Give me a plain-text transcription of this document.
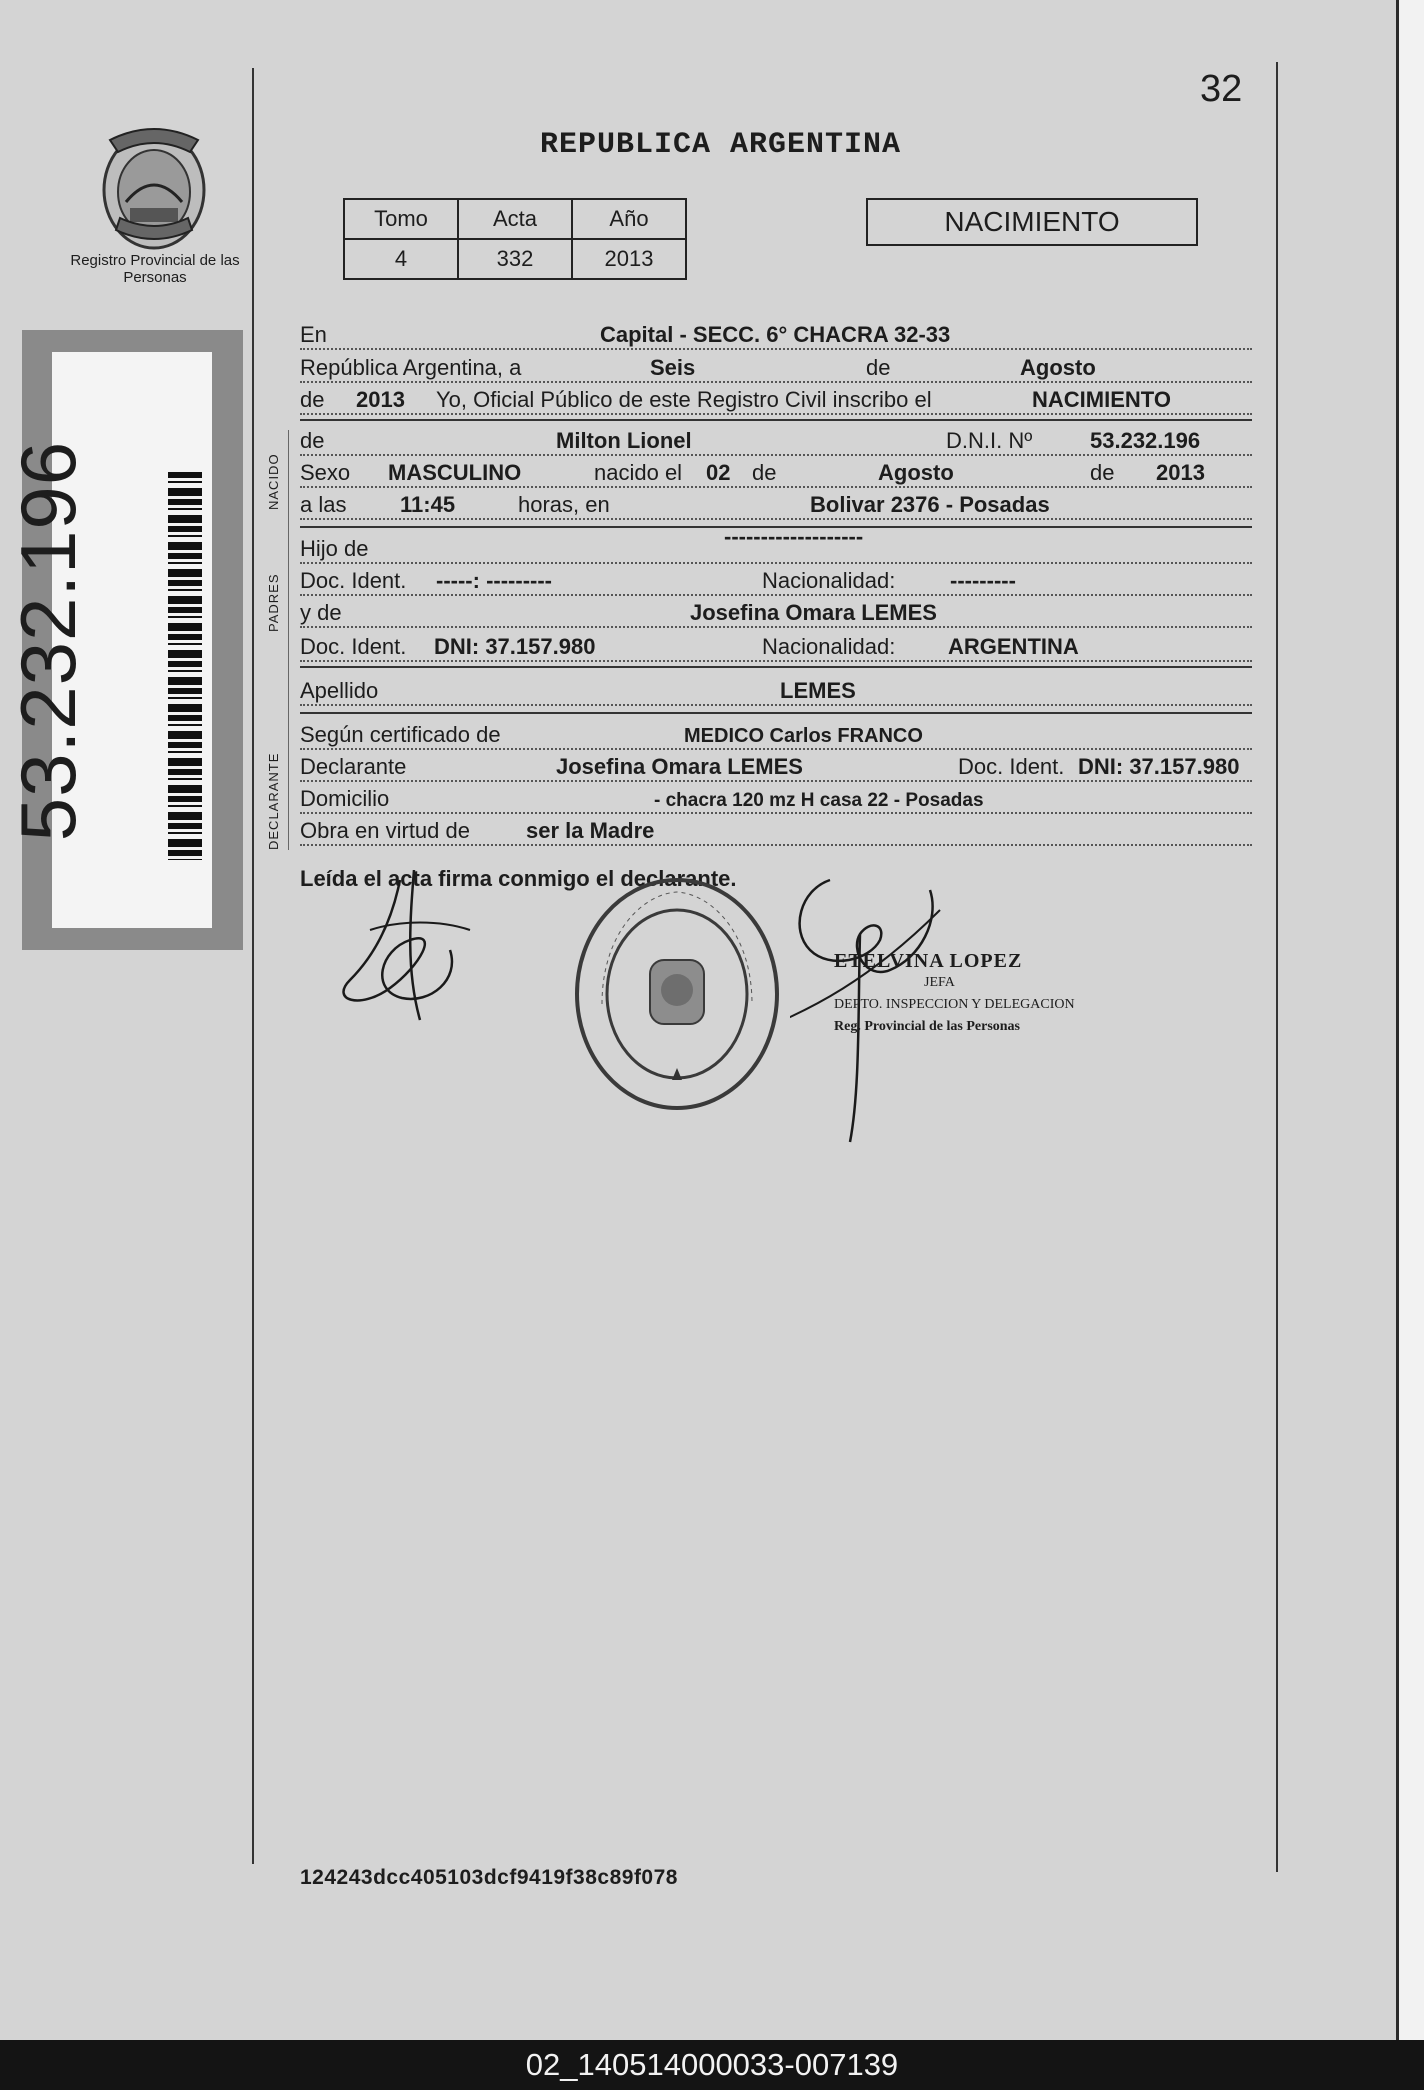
32
REPUBLICA ARGENTINA
Registro Provincial de las Personas
Tomo	Acta	Año
4	332	2013
NACIMIENTO
53.232.196	NACIDO
PADRES
DECLARANTE
En	Capital - SECC. 6° CHACRA 32-33
República Argentina, a	Seis	de	Agosto
de 2013 Yo, Oficial Público de este Registro Civil inscribo el	NACIMIENTO
de	Milton Lionel	D.N.I. Nº	53.232.196
Sexo MASCULINO	nacido el 02 de	Agosto	de 2013
a las 11:45	horas, en	Bolivar 2376 - Posadas
Hijo de	-------------------
Doc. Ident. -----: ---------	Nacionalidad: ---------
y de	Josefina Omara LEMES
Doc. Ident. DNI: 37.157.980	Nacionalidad: ARGENTINA
Apellido	LEMES
Según certificado de	MEDICO Carlos FRANCO
Declarante	Josefina Omara LEMES	Doc. Ident. DNI: 37.157.980
Domicilio	- chacra 120 mz H casa 22 - Posadas
Obra en virtud de	ser la Madre
Leída el acta firma conmigo el declarante.
ETELVINA LOPEZ
JEFA
DEPTO. INSPECCION Y DELEGACION
Reg. Provincial de las Personas
124243dcc405103dcf9419f38c89f078
02_140514000033-007139
